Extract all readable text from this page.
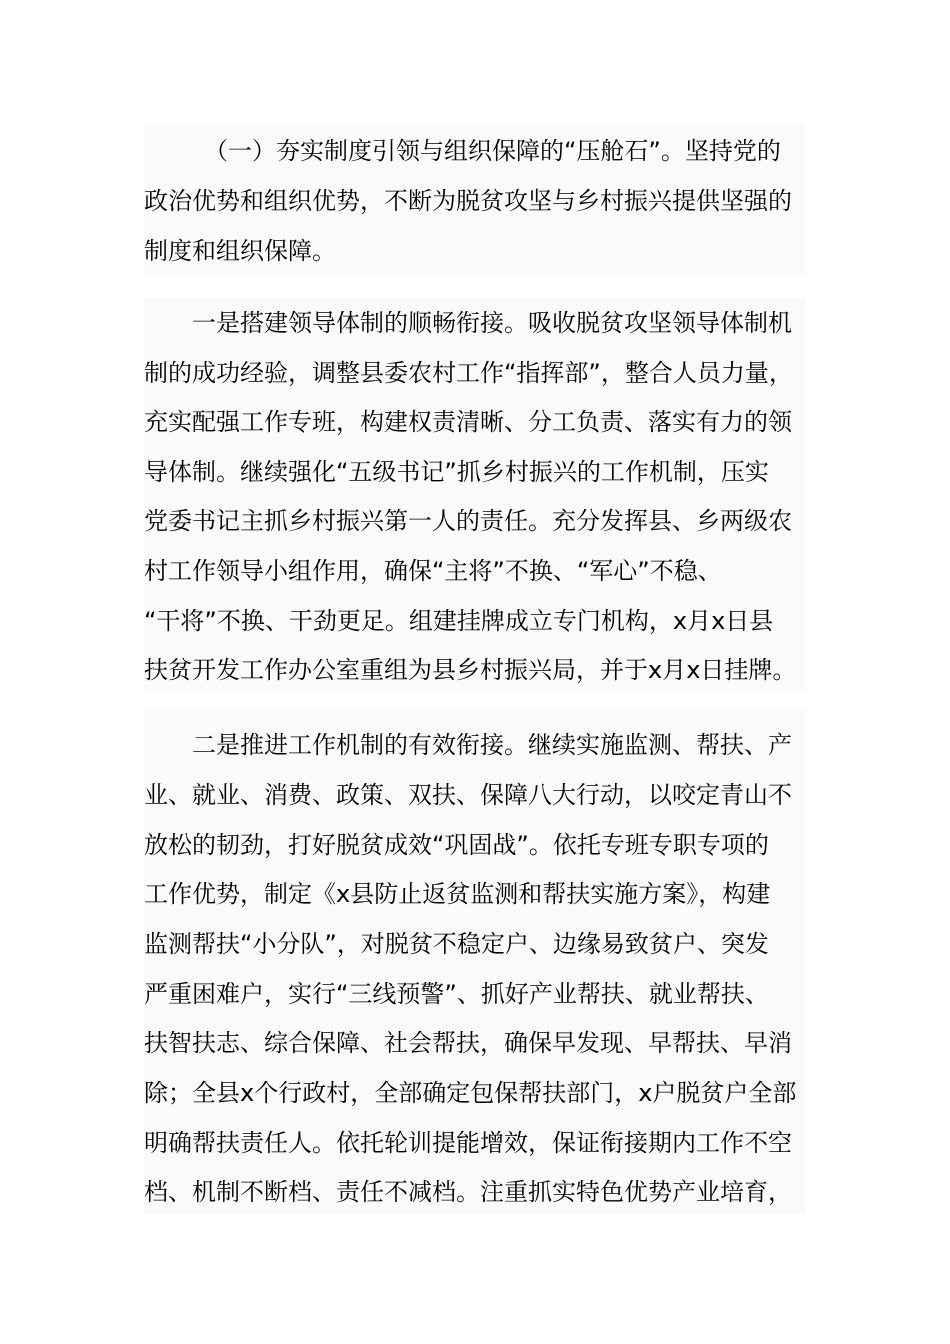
（一）夯实制度引领与组织保障的“压舱石”。坚持党的
政治优势和组织优势，不断为脱贫攻坚与乡村振兴提供坚强的
制度和组织保障。
一是搭建领导体制的顺畅衔接。吸收脱贫攻坚领导体制机
制的成功经验，调整县委农村工作“指挥部”，整合人员力量，
充实配强工作专班，构建权责清晰、分工负责、落实有力的领
导体制。继续强化“五级书记”抓乡村振兴的工作机制，压实
党委书记主抓乡村振兴第一人的责任。充分发挥县、乡两级农
村工作领导小组作用，确保“主将”不换、“军心”不稳、
“干将”不换、干劲更足。组建挂牌成立专门机构，x月x日县
扶贫开发工作办公室重组为县乡村振兴局，并于x月x日挂牌。
二是推进工作机制的有效衔接。继续实施监测、帮扶、产
业、就业、消费、政策、双扶、保障八大行动，以咬定青山不
放松的韧劲，打好脱贫成效“巩固战”。依托专班专职专项的
工作优势，制定《x县防止返贫监测和帮扶实施方案》，构建
监测帮扶“小分队”，对脱贫不稳定户、边缘易致贫户、突发
严重困难户，实行“三线预警”、抓好产业帮扶、就业帮扶、
扶智扶志、综合保障、社会帮扶，确保早发现、早帮扶、早消
除；全县x个行政村，全部确定包保帮扶部门，x户脱贫户全部
明确帮扶责任人。依托轮训提能增效，保证衔接期内工作不空
档、机制不断档、责任不减档。注重抓实特色优势产业培育，
